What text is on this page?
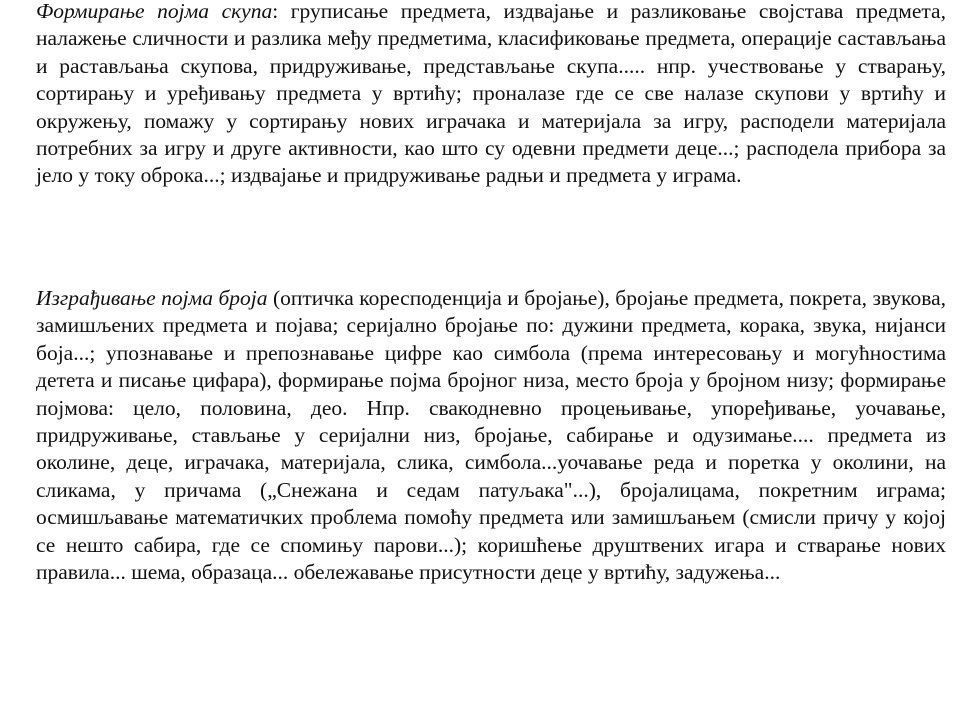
Формирање појма скупа: груписање предмета, издвајање и разликовање својстава предмета, налажење сличности и разлика међу предметима, класификовање предмета, операције састављања и растављања скупова, придруживање, представљање скупа..... нпр. учествовање у стварању, сортирању и уређивању предмета у вртићу; проналазе где се све налазе скупови у вртићу и окружењу, помажу у сортирању нових играчака и материјала за игру, расподели материјала потребних за игру и друге активности, као што су одевни предмети деце...; расподела прибора за јело у току оброка...; издвајање и придруживање радњи и предмета у играма.

Изграђивање појма броја (оптичка коресподенција и бројање), бројање предмета, покрета, звукова, замишљених предмета и појава; серијално бројање по: дужини предмета, корака, звука, нијанси боја...; упознавање и препознавање цифре као симбола (према интересовању и могућностима детета и писање цифара), формирање појма бројног низа, место броја у бројном низу; формирање појмова: цело, половина, део. Нпр. свакодневно процењивање, упоређивање, уочавање, придруживање, стављање у серијални низ, бројање, сабирање и одузимање.... предмета из околине, деце, играчака, материјала, слика, симбола...уочавање реда и поретка у околини, на сликама, у причама („Снежана и седам патуљака"...), бројалицама, покретним играма; осмишљавање математичких проблема помоћу предмета или замишљањем (смисли причу у којој се нешто сабира, где се спомињу парови...); коришћење друштвених игара и стварање нових правила... шема, образаца... обележавање присутности деце у вртићу, задужења...
